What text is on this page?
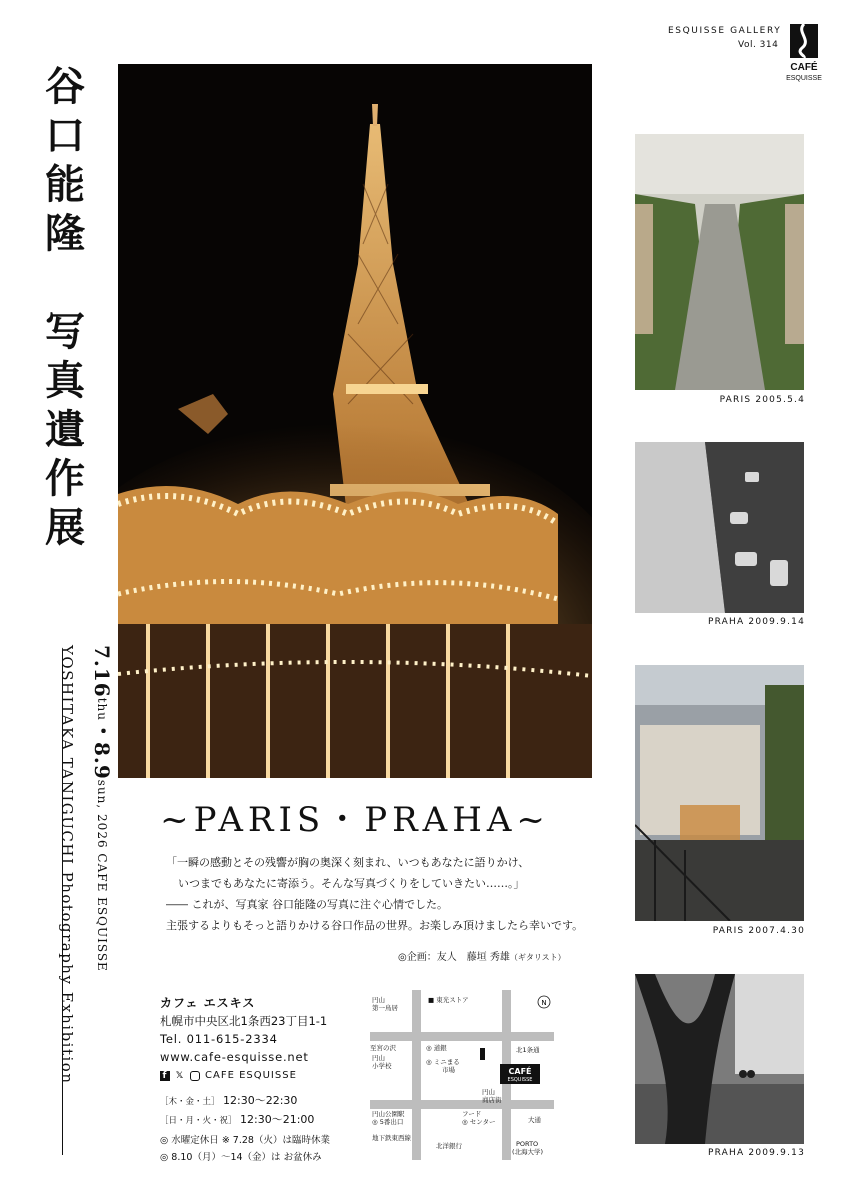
ESQUISSE GALLERY
Vol. 314
CAFÉ
ESQUISSE
谷
口
能
隆

写
真
遺
作
展
7.16thu・8.9sun, 2026 CAFE ESQUISSE
YOSHITAKA TANIGUCHI Photography Exhibition	~PARIS・PRAHA~
「一瞬の感動とその残響が胸の奥深く刻まれ、いつもあなたに語りかけ、
いつまでもあなたに寄添う。そんな写真づくりをしていきたい……。」
―― これが、写真家 谷口能隆の写真に注ぐ心情でした。
主張するよりもそっと語りかける谷口作品の世界。お楽しみ頂けましたら幸いです。
◎企画：友人　藤垣 秀雄（ギタリスト）
カフェ エスキス
札幌市中央区北1条西23丁目1-1
Tel. 011-615-2334
www.cafe-esquisse.net
f 𝕏 CAFE ESQUISSE
［木・金・土］ 12:30〜22:30
［日・月・火・祝］ 12:30〜21:00
◎ 水曜定休日 ※ 7.28（火）は臨時休業
◎ 8.10（月）〜14（金）は お盆休み
CAFÉ
ESQUISSE
N
円山
第一鳥居
■ 東光ストア
至宮の沢	◎ 道銀	北1条通
円山
小学校	◎ ミニまる
市場
円山
商店街
円山公園駅
◎ 5番出口
フード
◎ センター	大通
地下鉄東西線
北洋銀行	PORTO
(北海大学)
PARIS 2005.5.4
PRAHA 2009.9.14
PARIS 2007.4.30
PRAHA 2009.9.13
